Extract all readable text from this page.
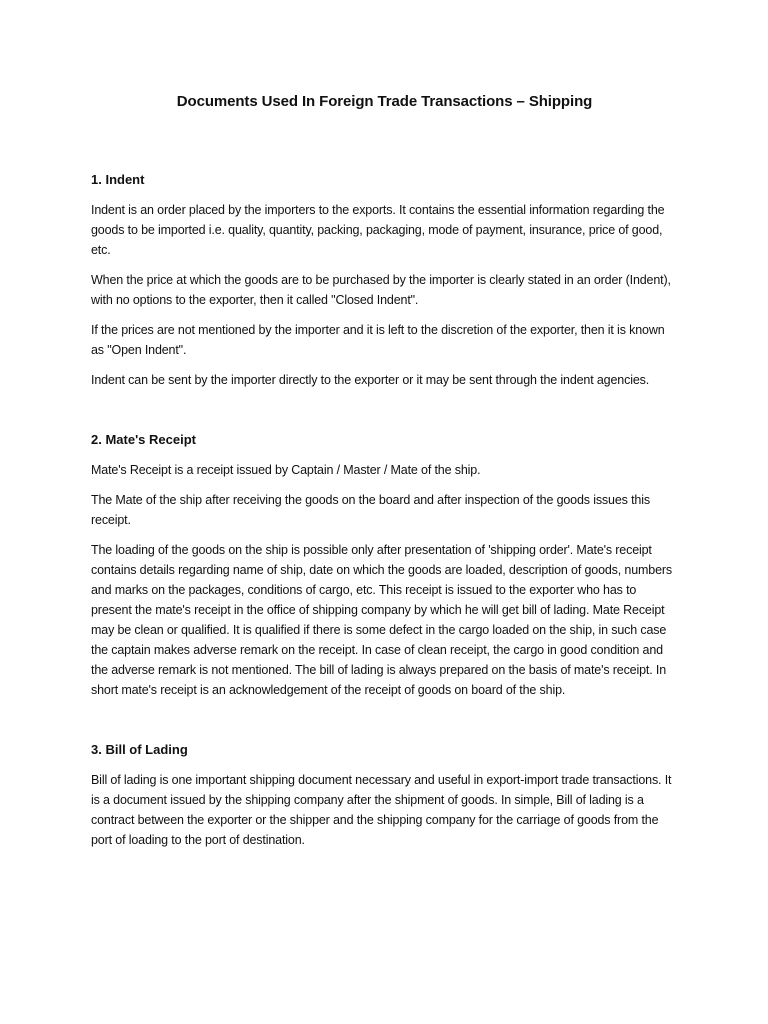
Documents Used In Foreign Trade Transactions – Shipping
1. Indent

Indent is an order placed by the importers to the exports. It contains the essential information regarding the goods to be imported i.e. quality, quantity, packing, packaging, mode of payment, insurance, price of good, etc.

When the price at which the goods are to be purchased by the importer is clearly stated in an order (Indent), with no options to the exporter, then it called "Closed Indent".

If the prices are not mentioned by the importer and it is left to the discretion of the exporter, then it is known as "Open Indent".

Indent can be sent by the importer directly to the exporter or it may be sent through the indent agencies.

2. Mate's Receipt

Mate's Receipt is a receipt issued by Captain / Master / Mate of the ship.

The Mate of the ship after receiving the goods on the board and after inspection of the goods issues this receipt.

The loading of the goods on the ship is possible only after presentation of 'shipping order'. Mate's receipt contains details regarding name of ship, date on which the goods are loaded, description of goods, numbers and marks on the packages, conditions of cargo, etc. This receipt is issued to the exporter who has to present the mate's receipt in the office of shipping company by which he will get bill of lading. Mate Receipt may be clean or qualified. It is qualified if there is some defect in the cargo loaded on the ship, in such case the captain makes adverse remark on the receipt. In case of clean receipt, the cargo in good condition and the adverse remark is not mentioned. The bill of lading is always prepared on the basis of mate's receipt. In short mate's receipt is an acknowledgement of the receipt of goods on board of the ship.

3. Bill of Lading

Bill of lading is one important shipping document necessary and useful in export-import trade transactions. It is a document issued by the shipping company after the shipment of goods. In simple, Bill of lading is a contract between the exporter or the shipper and the shipping company for the carriage of goods from the port of loading to the port of destination.
